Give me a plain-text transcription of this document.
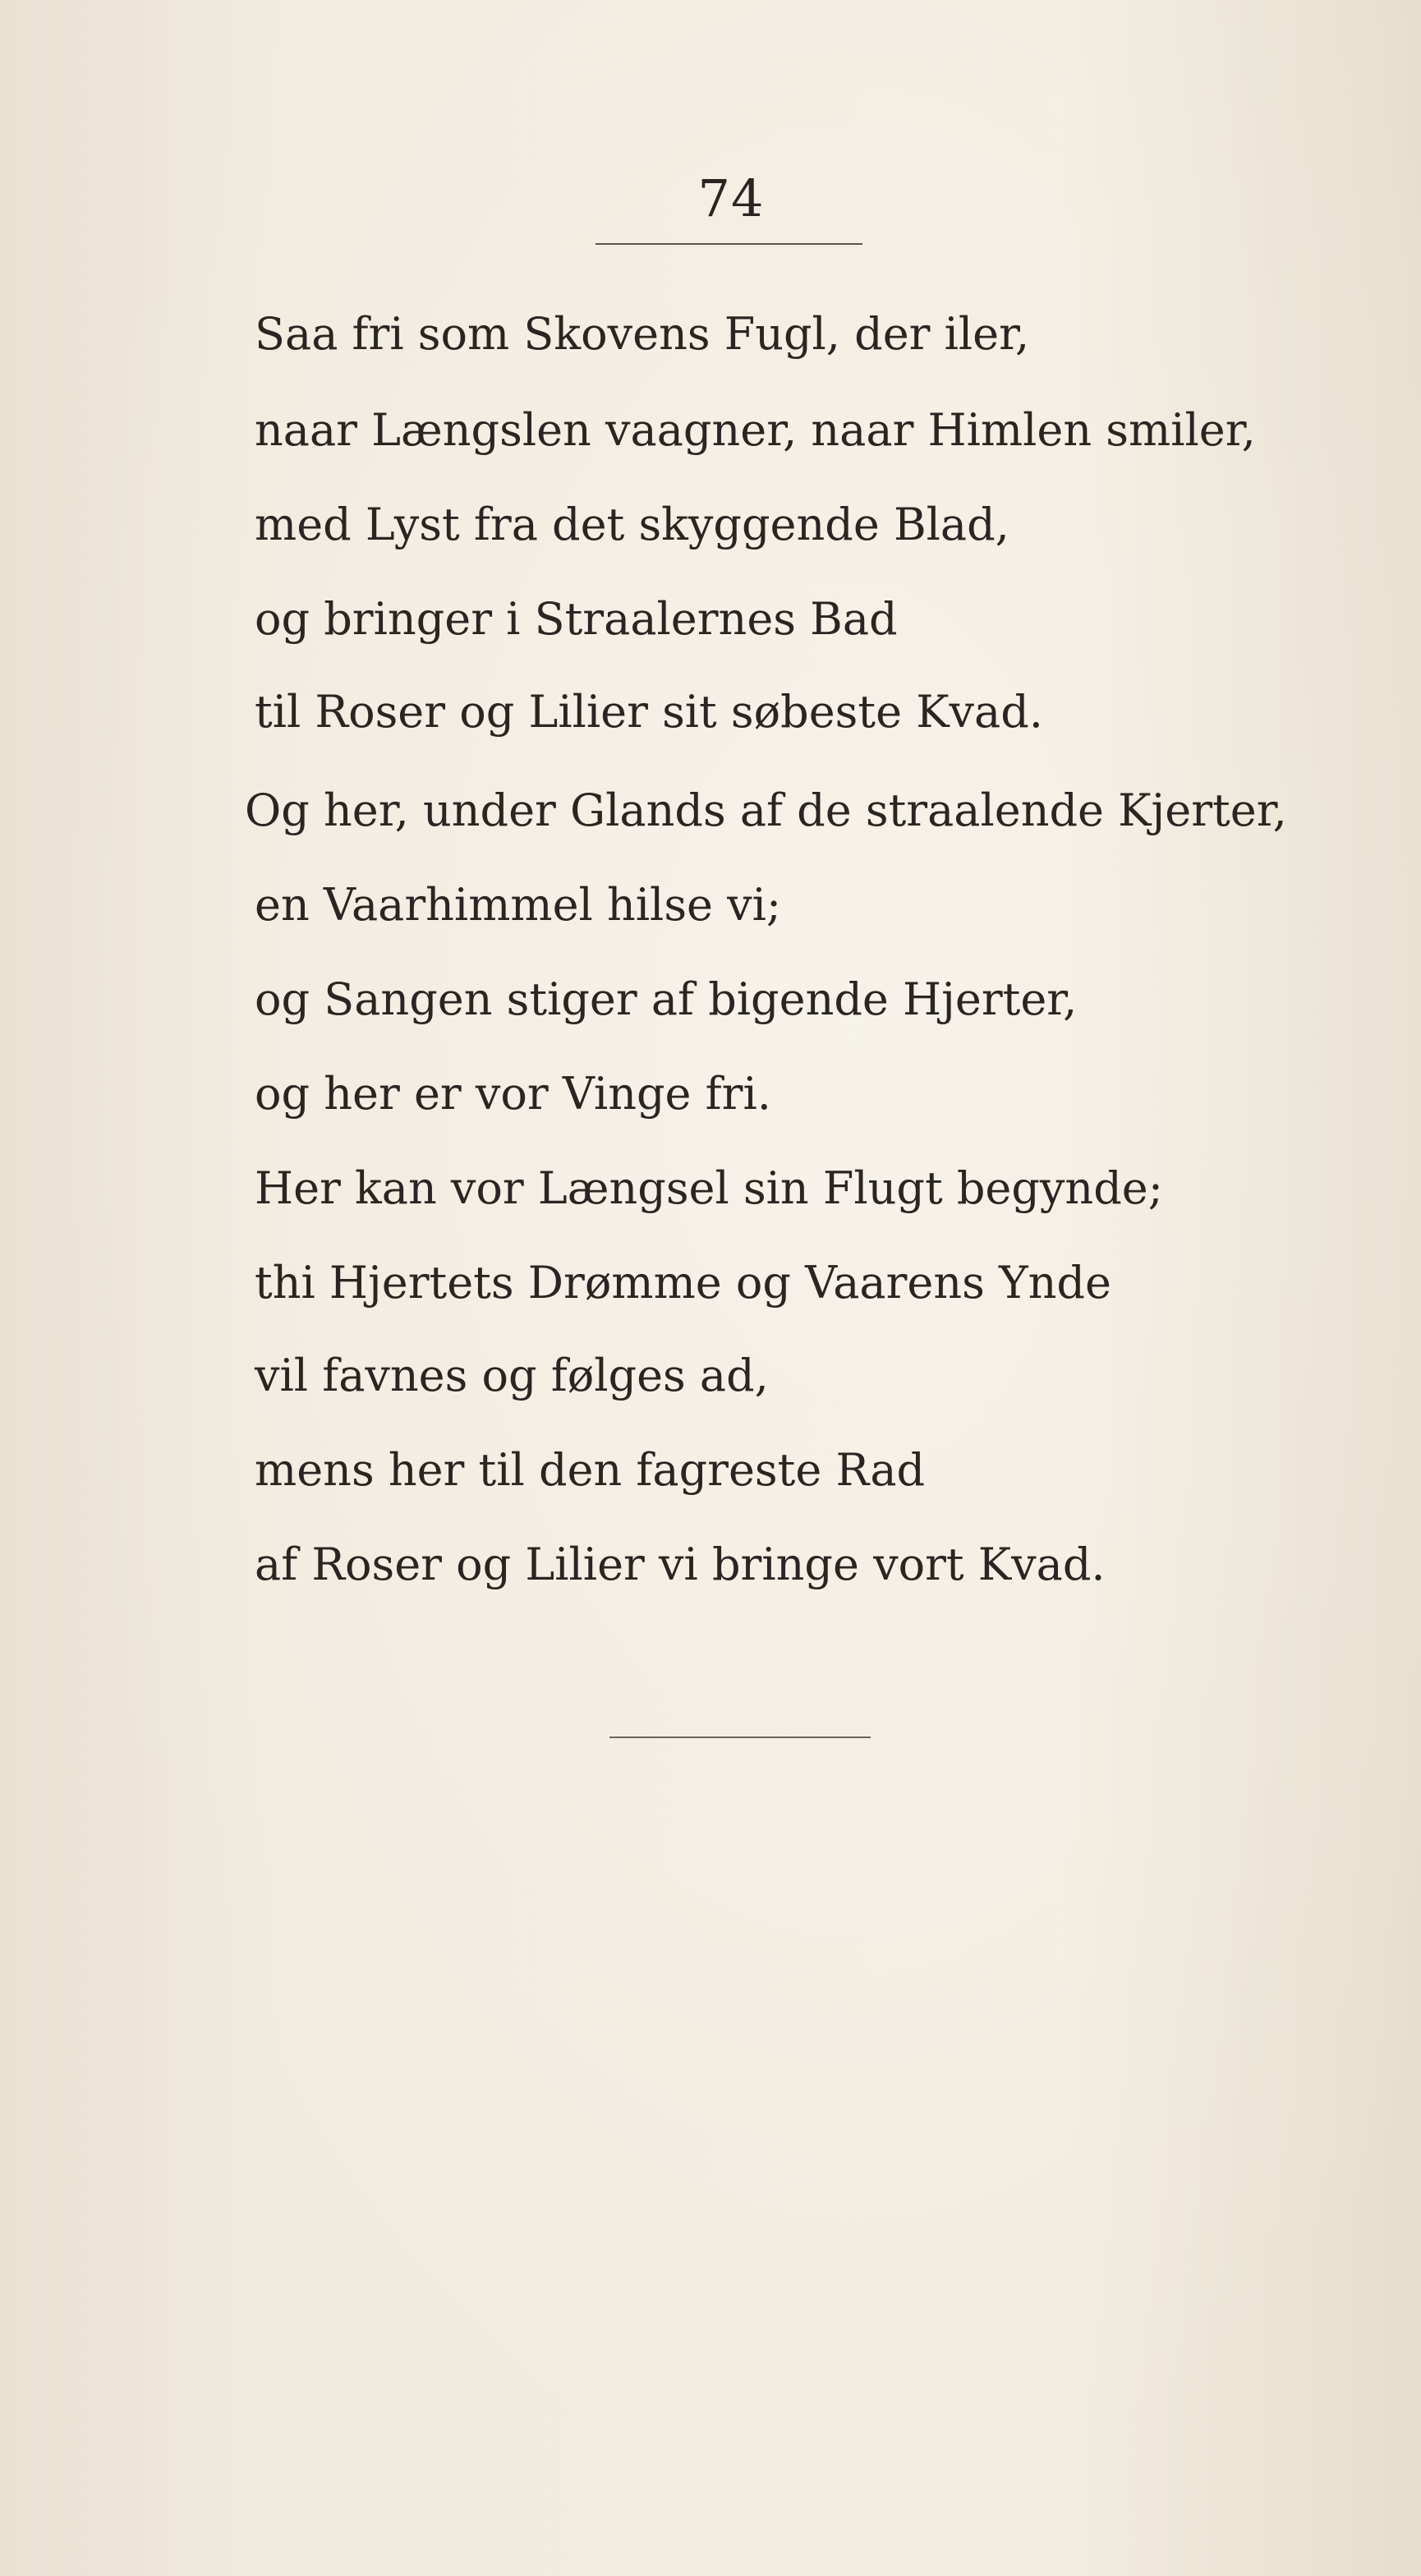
74
Saa fri som Skovens Fugl, der iler,
naar Længslen vaagner, naar Himlen smiler,
med Lyst fra det skyggende Blad,
og bringer i Straalernes Bad
til Roser og Lilier sit søbeste Kvad.
Og her, under Glands af de straalende Kjerter,
en Vaarhimmel hilse vi;
og Sangen stiger af bigende Hjerter,
og her er vor Vinge fri.
Her kan vor Længsel sin Flugt begynde;
thi Hjertets Drømme og Vaarens Ynde
vil favnes og følges ad,
mens her til den fagreste Rad
af Roser og Lilier vi bringe vort Kvad.
